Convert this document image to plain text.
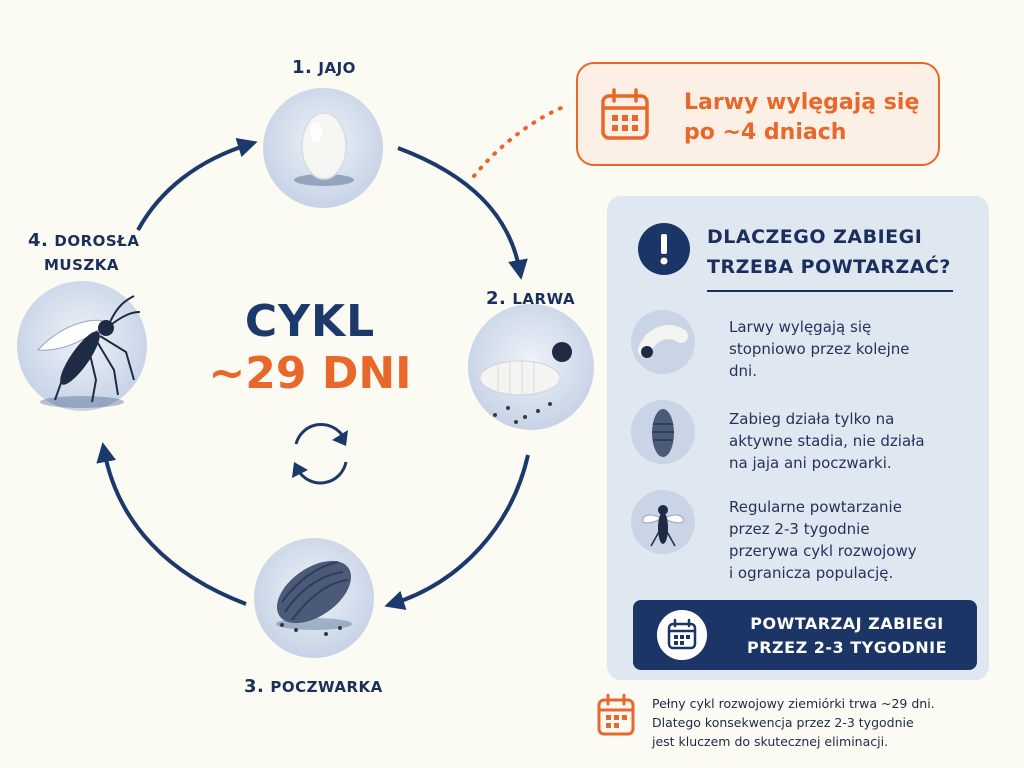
1. JAJO
2. LARWA
3. POCZWARKA
4. DOROSŁA
MUSZKA
CYKL
~29 DNI
Larwy wylęgają się
po ~4 dniach
DLACZEGO ZABIEGI
TRZEBA POWTARZAĆ?
Larwy wylęgają się
stopniowo przez kolejne
dni.
Zabieg działa tylko na
aktywne stadia, nie działa
na jaja ani poczwarki.
Regularne powtarzanie
przez 2-3 tygodnie
przerywa cykl rozwojowy
i ogranicza populację.
POWTARZAJ ZABIEGI
PRZEZ 2-3 TYGODNIE
Pełny cykl rozwojowy ziemiórki trwa ~29 dni.
Dlatego konsekwencja przez 2-3 tygodnie
jest kluczem do skutecznej eliminacji.
